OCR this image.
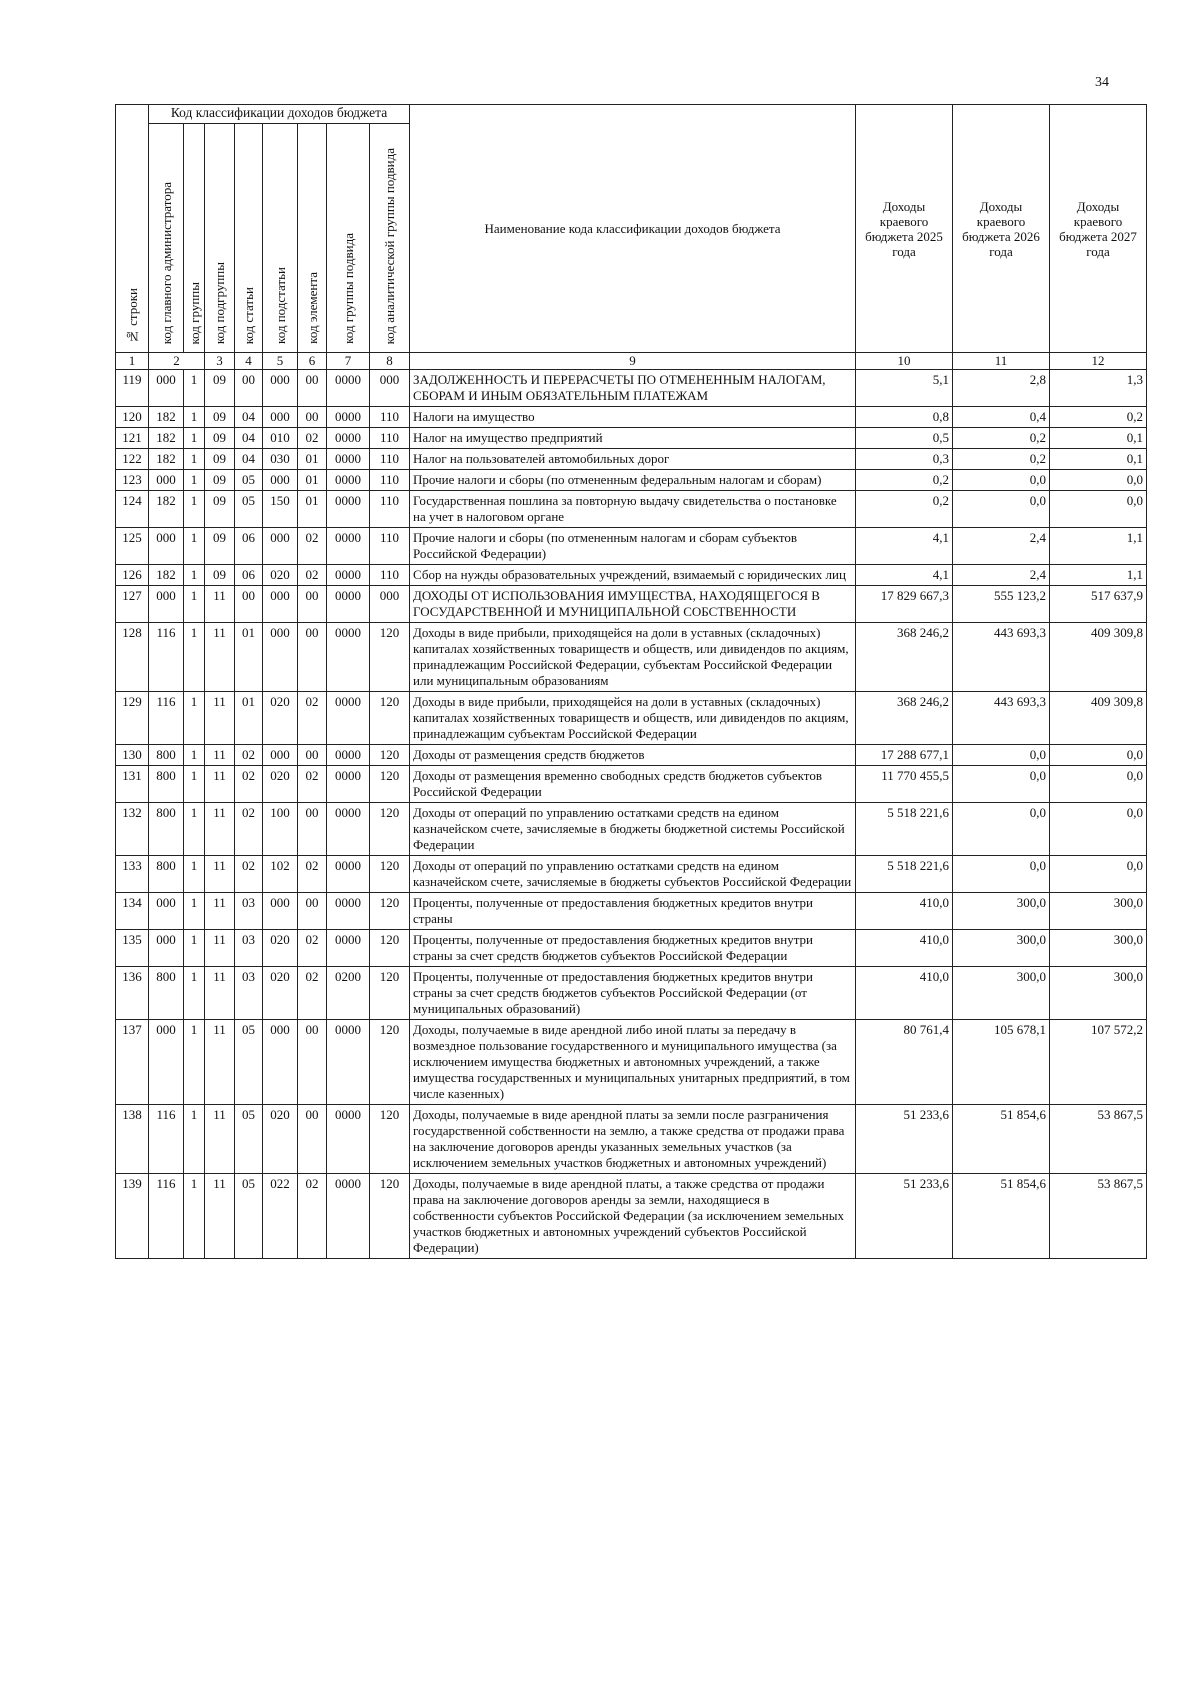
34
№ строки	Код классификации доходов бюджета								Наименование кода классификации доходов бюджета	Доходы краевого бюджета 2025 года	Доходы краевого бюджета 2026 года	Доходы краевого бюджета 2027 года
	код главного администратора	код группы	код подгруппы	код статьи	код подстатьи	код элемента	код группы подвида	код аналитической группы подвида				
1	2		3	4	5	6	7	8	9	10	11	12
119	000	1	09	00	000	00	0000	000	ЗАДОЛЖЕННОСТЬ И ПЕРЕРАСЧЕТЫ ПО ОТМЕНЕННЫМ НАЛОГАМ, СБОРАМ И ИНЫМ ОБЯЗАТЕЛЬНЫМ ПЛАТЕЖАМ	5,1	2,8	1,3
120	182	1	09	04	000	00	0000	110	Налоги на имущество	0,8	0,4	0,2
121	182	1	09	04	010	02	0000	110	Налог на имущество предприятий	0,5	0,2	0,1
122	182	1	09	04	030	01	0000	110	Налог на пользователей автомобильных дорог	0,3	0,2	0,1
123	000	1	09	05	000	01	0000	110	Прочие налоги и сборы (по отмененным федеральным налогам и сборам)	0,2	0,0	0,0
124	182	1	09	05	150	01	0000	110	Государственная пошлина за повторную выдачу свидетельства о постановке на учет в налоговом органе	0,2	0,0	0,0
125	000	1	09	06	000	02	0000	110	Прочие налоги и сборы (по отмененным налогам и сборам субъектов Российской Федерации)	4,1	2,4	1,1
126	182	1	09	06	020	02	0000	110	Сбор на нужды образовательных учреждений, взимаемый с юридических лиц	4,1	2,4	1,1
127	000	1	11	00	000	00	0000	000	ДОХОДЫ ОТ ИСПОЛЬЗОВАНИЯ ИМУЩЕСТВА, НАХОДЯЩЕГОСЯ В ГОСУДАРСТВЕННОЙ И МУНИЦИПАЛЬНОЙ СОБСТВЕННОСТИ	17 829 667,3	555 123,2	517 637,9
128	116	1	11	01	000	00	0000	120	Доходы в виде прибыли, приходящейся на доли в уставных (складочных) капиталах хозяйственных товариществ и обществ, или дивидендов по акциям, принадлежащим Российской Федерации, субъектам Российской Федерации или муниципальным образованиям	368 246,2	443 693,3	409 309,8
129	116	1	11	01	020	02	0000	120	Доходы в виде прибыли, приходящейся на доли в уставных (складочных) капиталах хозяйственных товариществ и обществ, или дивидендов по акциям, принадлежащим субъектам Российской Федерации	368 246,2	443 693,3	409 309,8
130	800	1	11	02	000	00	0000	120	Доходы от размещения средств бюджетов	17 288 677,1	0,0	0,0
131	800	1	11	02	020	02	0000	120	Доходы от размещения временно свободных средств бюджетов субъектов Российской Федерации	11 770 455,5	0,0	0,0
132	800	1	11	02	100	00	0000	120	Доходы от операций по управлению остатками средств на едином казначейском счете, зачисляемые в бюджеты бюджетной системы Российской Федерации	5 518 221,6	0,0	0,0
133	800	1	11	02	102	02	0000	120	Доходы от операций по управлению остатками средств на едином казначейском счете, зачисляемые в бюджеты субъектов Российской Федерации	5 518 221,6	0,0	0,0
134	000	1	11	03	000	00	0000	120	Проценты, полученные от предоставления бюджетных кредитов внутри страны	410,0	300,0	300,0
135	000	1	11	03	020	02	0000	120	Проценты, полученные от предоставления бюджетных кредитов внутри страны за счет средств бюджетов субъектов Российской Федерации	410,0	300,0	300,0
136	800	1	11	03	020	02	0200	120	Проценты, полученные от предоставления бюджетных кредитов внутри страны за счет средств бюджетов субъектов Российской Федерации (от муниципальных образований)	410,0	300,0	300,0
137	000	1	11	05	000	00	0000	120	Доходы, получаемые в виде арендной либо иной платы за передачу в возмездное пользование государственного и муниципального имущества (за исключением имущества бюджетных и автономных учреждений, а также имущества государственных и муниципальных унитарных предприятий, в том числе казенных)	80 761,4	105 678,1	107 572,2
138	116	1	11	05	020	00	0000	120	Доходы, получаемые в виде арендной платы за земли после разграничения государственной собственности на землю, а также средства от продажи права на заключение договоров аренды указанных земельных участков (за исключением земельных участков бюджетных и автономных учреждений)	51 233,6	51 854,6	53 867,5
139	116	1	11	05	022	02	0000	120	Доходы, получаемые в виде арендной платы, а также средства от продажи права на заключение договоров аренды за земли, находящиеся в собственности субъектов Российской Федерации (за исключением земельных участков бюджетных и автономных учреждений субъектов Российской Федерации)	51 233,6	51 854,6	53 867,5
